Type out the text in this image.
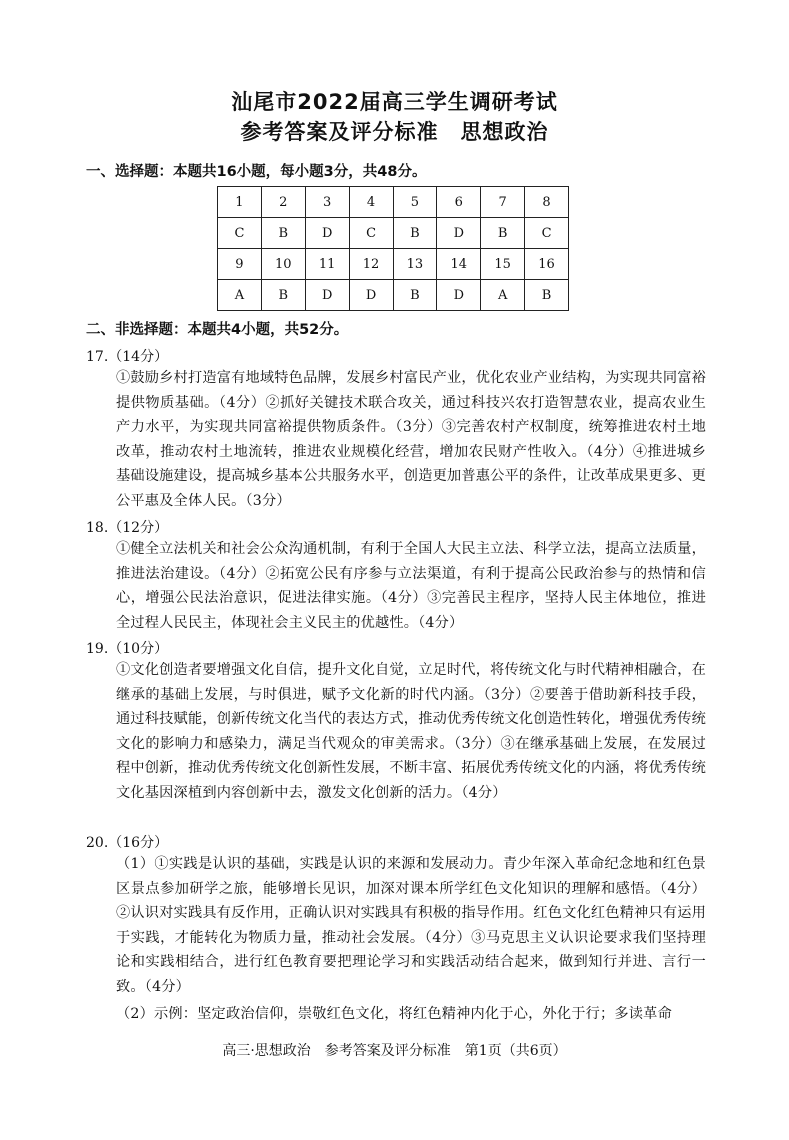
汕尾市2022届高三学生调研考试
参考答案及评分标准　思想政治
一、选择题：本题共16小题，每小题3分，共48分。
1	2	3	4	5	6	7	8
C	B	D	C	B	D	B	C
9	10	11	12	13	14	15	16
A	B	D	D	B	D	A	B
二、非选择题：本题共4小题，共52分。
17.（14分）
①鼓励乡村打造富有地域特色品牌，发展乡村富民产业，优化农业产业结构，为实现共同富裕提供物质基础。（4分）②抓好关键技术联合攻关，通过科技兴农打造智慧农业，提高农业生产力水平，为实现共同富裕提供物质条件。（3分）③完善农村产权制度，统筹推进农村土地改革，推动农村土地流转，推进农业规模化经营，增加农民财产性收入。（4分）④推进城乡基础设施建设，提高城乡基本公共服务水平，创造更加普惠公平的条件，让改革成果更多、更公平惠及全体人民。（3分）
18.（12分）
①健全立法机关和社会公众沟通机制，有利于全国人大民主立法、科学立法，提高立法质量，推进法治建设。（4分）②拓宽公民有序参与立法渠道，有利于提高公民政治参与的热情和信心，增强公民法治意识，促进法律实施。（4分）③完善民主程序，坚持人民主体地位，推进全过程人民民主，体现社会主义民主的优越性。（4分）
19.（10分）
①文化创造者要增强文化自信，提升文化自觉，立足时代，将传统文化与时代精神相融合，在继承的基础上发展，与时俱进，赋予文化新的时代内涵。（3分）②要善于借助新科技手段，通过科技赋能，创新传统文化当代的表达方式，推动优秀传统文化创造性转化，增强优秀传统文化的影响力和感染力，满足当代观众的审美需求。（3分）③在继承基础上发展，在发展过程中创新，推动优秀传统文化创新性发展，不断丰富、拓展优秀传统文化的内涵，将优秀传统文化基因深植到内容创新中去，激发文化创新的活力。（4分）
20.（16分）
（1）①实践是认识的基础，实践是认识的来源和发展动力。青少年深入革命纪念地和红色景区景点参加研学之旅，能够增长见识，加深对课本所学红色文化知识的理解和感悟。（4分）②认识对实践具有反作用，正确认识对实践具有积极的指导作用。红色文化红色精神只有运用于实践，才能转化为物质力量，推动社会发展。（4分）③马克思主义认识论要求我们坚持理论和实践相结合，进行红色教育要把理论学习和实践活动结合起来，做到知行并进、言行一致。（4分）
（2）示例：坚定政治信仰，崇敬红色文化，将红色精神内化于心，外化于行；多读革命
高三·思想政治　参考答案及评分标准　第1页（共6页）
